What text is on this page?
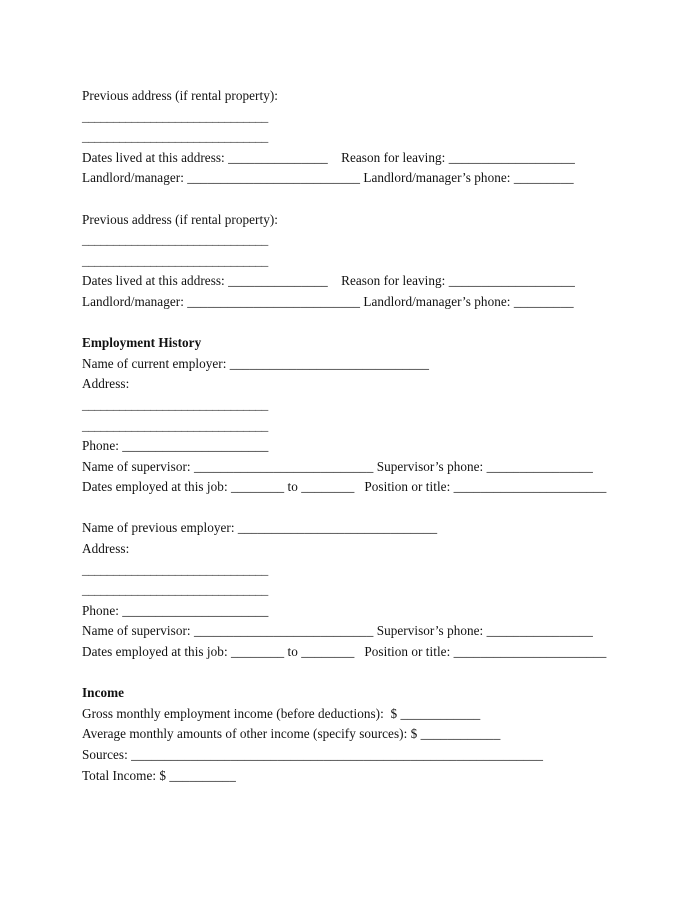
Previous address (if rental property):
______________________________
______________________________
Dates lived at this address: _______________    Reason for leaving: ___________________
Landlord/manager: __________________________ Landlord/manager’s phone: _________
Previous address (if rental property):
______________________________
______________________________
Dates lived at this address: _______________    Reason for leaving: ___________________
Landlord/manager: __________________________ Landlord/manager’s phone: _________
Employment History
Name of current employer: ______________________________
Address:
______________________________
______________________________
Phone: ______________________
Name of supervisor: ___________________________ Supervisor’s phone: ________________
Dates employed at this job: ________ to ________   Position or title: _______________________
Name of previous employer: ______________________________
Address:
______________________________
______________________________
Phone: ______________________
Name of supervisor: ___________________________ Supervisor’s phone: ________________
Dates employed at this job: ________ to ________   Position or title: _______________________
Income
Gross monthly employment income (before deductions):  $ ____________
Average monthly amounts of other income (specify sources): $ ____________
Sources: ______________________________________________________________
Total Income: $ __________
